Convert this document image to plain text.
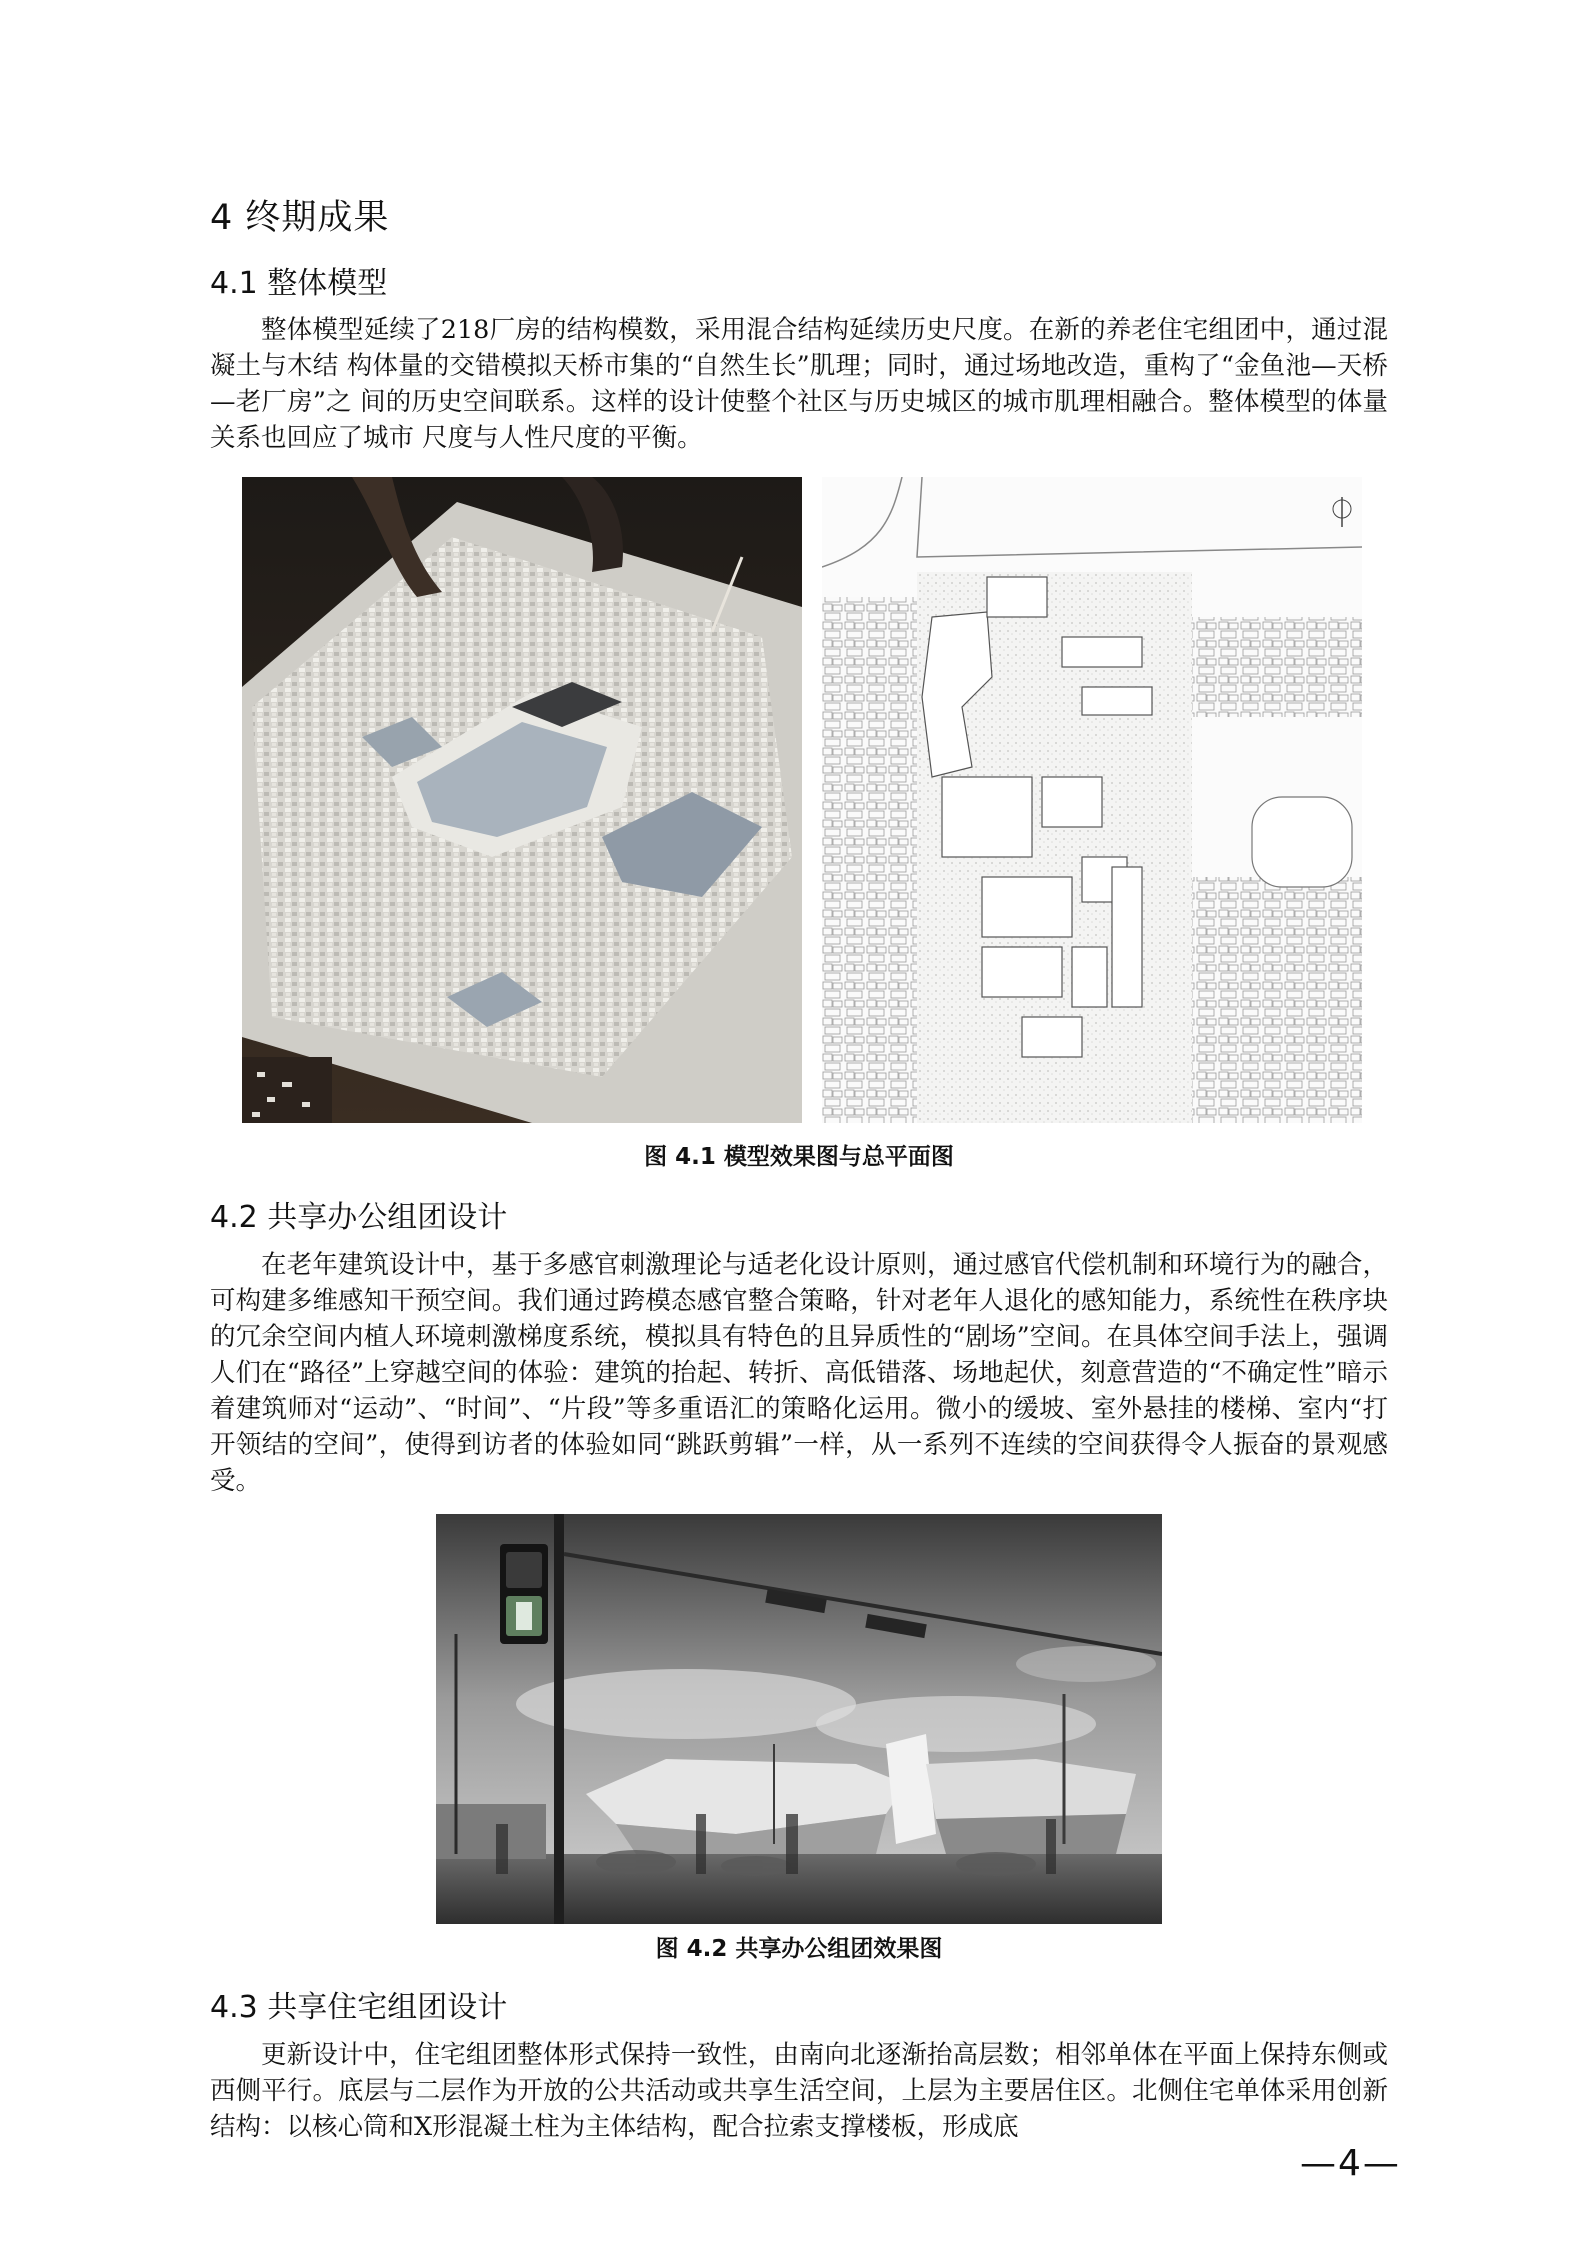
4 终期成果
4.1 整体模型
整体模型延续了218厂房的结构模数，采用混合结构延续历史尺度。在新的养老住宅组团中，通过混凝土与木结 构体量的交错模拟天桥市集的“自然生长”肌理；同时，通过场地改造，重构了“金鱼池—天桥—老厂房”之 间的历史空间联系。这样的设计使整个社区与历史城区的城市肌理相融合。整体模型的体量关系也回应了城市 尺度与人性尺度的平衡。
图 4.1 模型效果图与总平面图
4.2 共享办公组团设计
在老年建筑设计中，基于多感官刺激理论与适老化设计原则，通过感官代偿机制和环境行为的融合，可构建多维感知干预空间。我们通过跨模态感官整合策略，针对老年人退化的感知能力，系统性在秩序块的冗余空间内植人环境刺激梯度系统，模拟具有特色的且异质性的“剧场”空间。在具体空间手法上，强调人们在“路径”上穿越空间的体验：建筑的抬起、转折、高低错落、场地起伏，刻意营造的“不确定性”暗示着建筑师对“运动”、“时间”、“片段”等多重语汇的策略化运用。微小的缓坡、室外悬挂的楼梯、室内“打开领结的空间”，使得到访者的体验如同“跳跃剪辑”一样，从一系列不连续的空间获得令人振奋的景观感受。
图 4.2 共享办公组团效果图
4.3 共享住宅组团设计
更新设计中，住宅组团整体形式保持一致性，由南向北逐渐抬高层数；相邻单体在平面上保持东侧或西侧平行。底层与二层作为开放的公共活动或共享生活空间，上层为主要居住区。北侧住宅单体采用创新结构：以核心筒和X形混凝土柱为主体结构，配合拉索支撑楼板，形成底
—4—
